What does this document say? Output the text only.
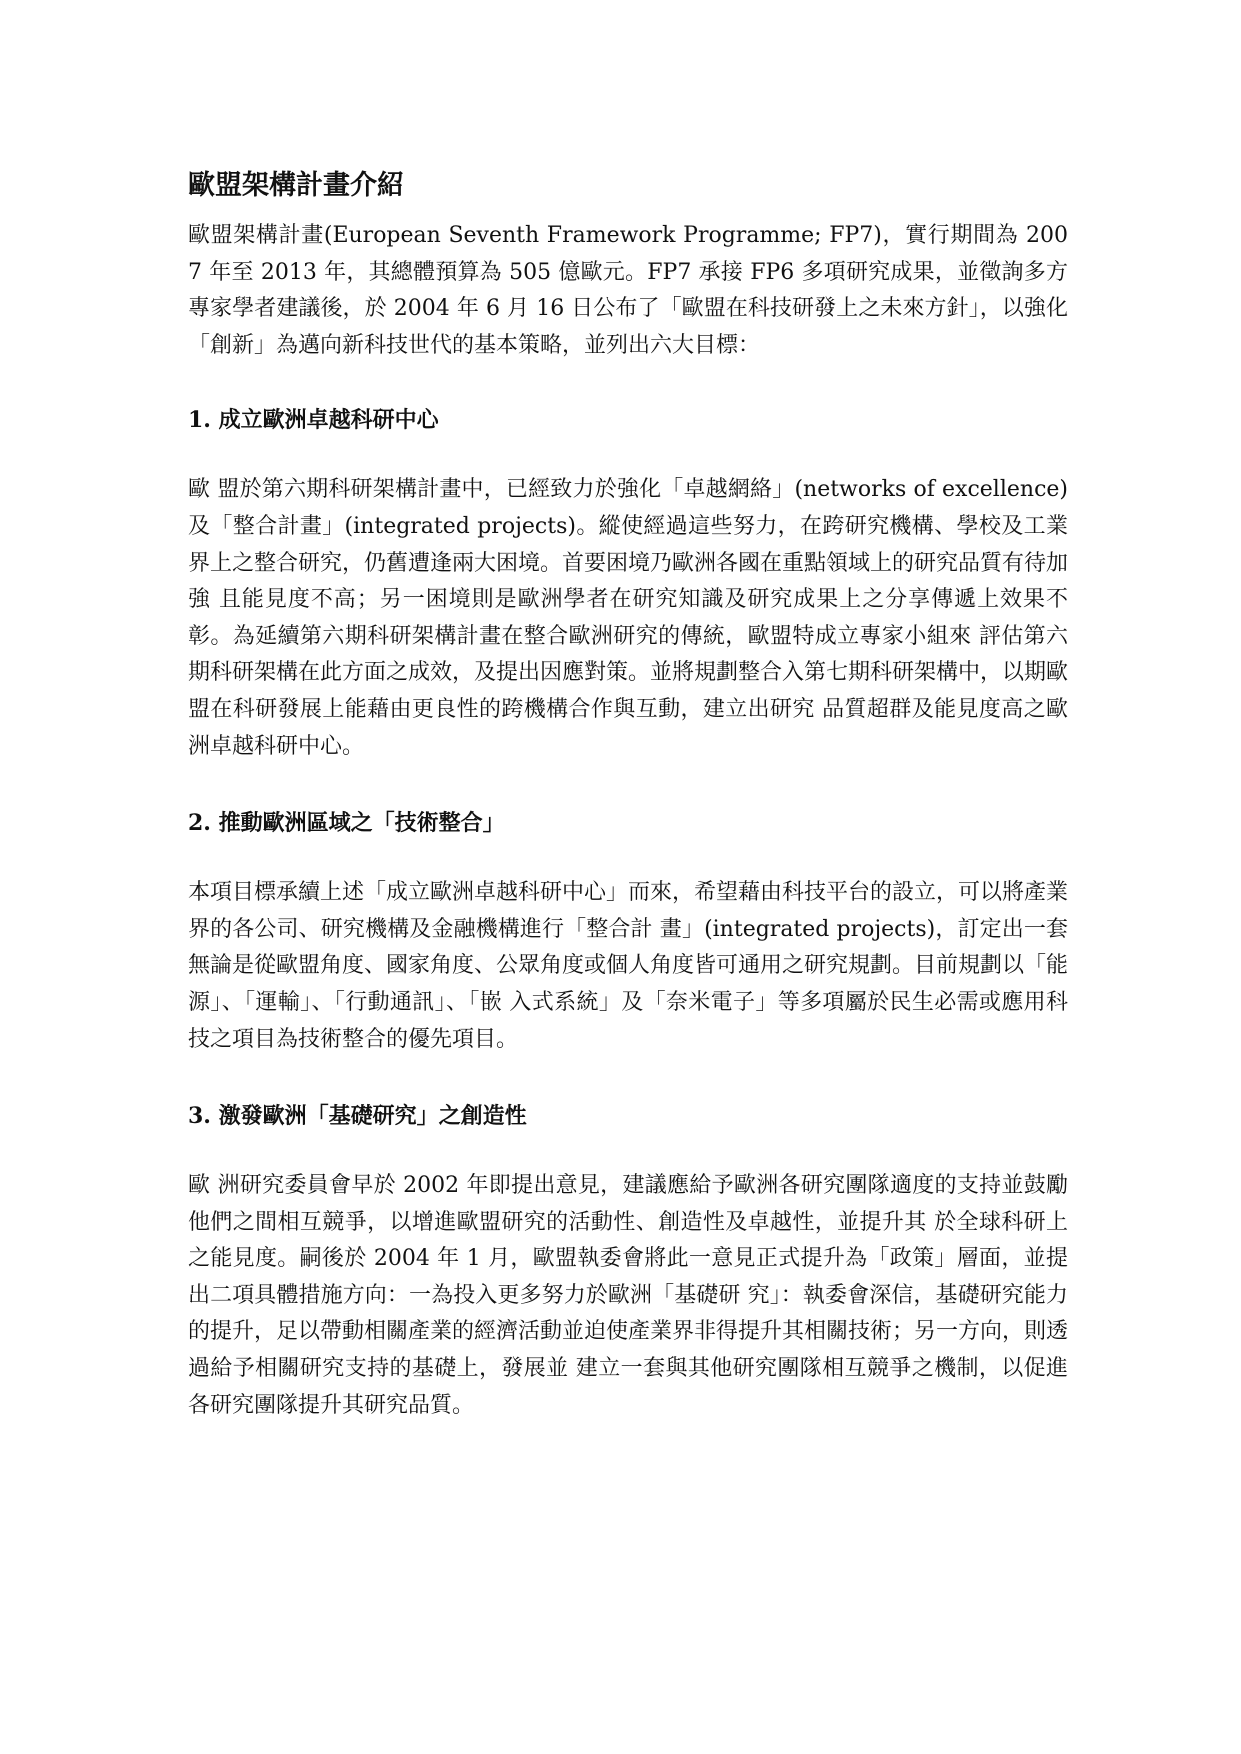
歐盟架構計畫介紹

歐盟架構計畫(European Seventh Framework Programme; FP7)，實行期間為 2007 年至 2013 年，其總體預算為 505 億歐元。FP7 承接 FP6 多項研究成果，並徵詢多方專家學者建議後，於 2004 年 6 月 16 日公布了「歐盟在科技研發上之未來方針」，以強化「創新」為邁向新科技世代的基本策略，並列出六大目標：

1. 成立歐洲卓越科研中心

歐 盟於第六期科研架構計畫中，已經致力於強化「卓越網絡」(networks of excellence)及「整合計畫」(integrated projects)。縱使經過這些努力，在跨研究機構、學校及工業界上之整合研究，仍舊遭逢兩大困境。首要困境乃歐洲各國在重點領域上的研究品質有待加強 且能見度不高；另一困境則是歐洲學者在研究知識及研究成果上之分享傳遞上效果不彰。為延續第六期科研架構計畫在整合歐洲研究的傳統，歐盟特成立專家小組來 評估第六期科研架構在此方面之成效，及提出因應對策。並將規劃整合入第七期科研架構中，以期歐盟在科研發展上能藉由更良性的跨機構合作與互動，建立出研究 品質超群及能見度高之歐洲卓越科研中心。

2. 推動歐洲區域之「技術整合」

本項目標承續上述「成立歐洲卓越科研中心」而來，希望藉由科技平台的設立，可以將產業界的各公司、研究機構及金融機構進行「整合計 畫」(integrated projects)，訂定出一套無論是從歐盟角度、國家角度、公眾角度或個人角度皆可通用之研究規劃。目前規劃以「能源」、「運輸」、「行動通訊」、「嵌 入式系統」及「奈米電子」等多項屬於民生必需或應用科技之項目為技術整合的優先項目。

3. 激發歐洲「基礎研究」之創造性

歐 洲研究委員會早於 2002 年即提出意見，建議應給予歐洲各研究團隊適度的支持並鼓勵他們之間相互競爭，以增進歐盟研究的活動性、創造性及卓越性，並提升其 於全球科研上之能見度。嗣後於 2004 年 1 月，歐盟執委會將此一意見正式提升為「政策」層面，並提出二項具體措施方向：一為投入更多努力於歐洲「基礎研 究」：執委會深信，基礎研究能力的提升，足以帶動相關產業的經濟活動並迫使產業界非得提升其相關技術；另一方向，則透過給予相關研究支持的基礎上，發展並 建立一套與其他研究團隊相互競爭之機制，以促進各研究團隊提升其研究品質。
